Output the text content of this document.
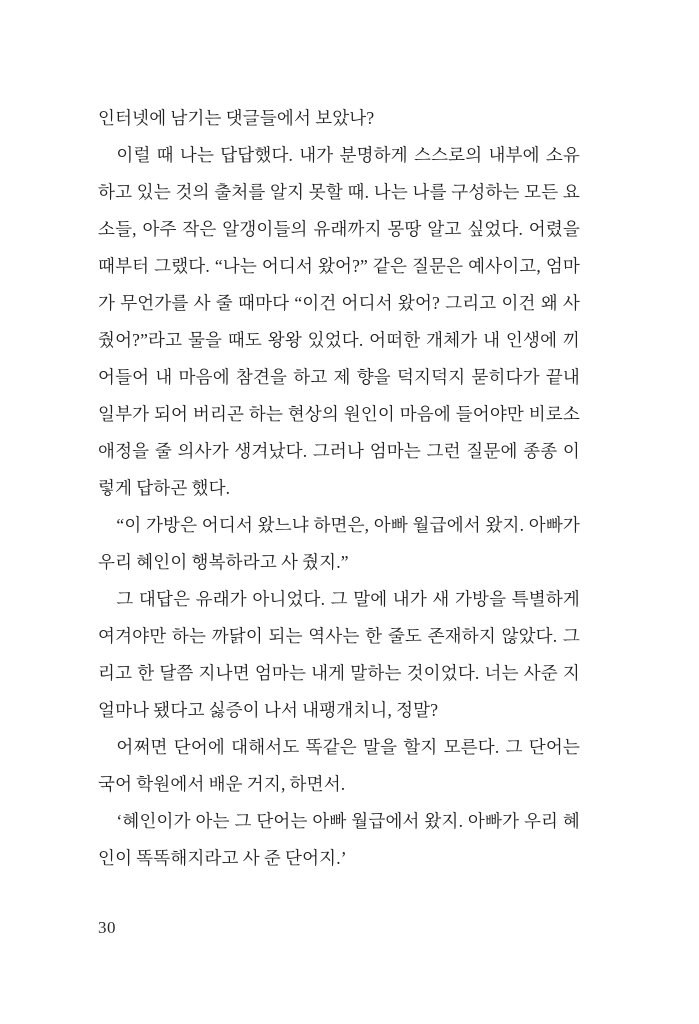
인터넷에 남기는 댓글들에서 보았나?

이럴 때 나는 답답했다. 내가 분명하게 스스로의 내부에 소유

하고 있는 것의 출처를 알지 못할 때. 나는 나를 구성하는 모든 요

소들, 아주 작은 알갱이들의 유래까지 몽땅 알고 싶었다. 어렸을

때부터 그랬다. “나는 어디서 왔어?” 같은 질문은 예사이고, 엄마

가 무언가를 사 줄 때마다 “이건 어디서 왔어? 그리고 이건 왜 사

줬어?”라고 물을 때도 왕왕 있었다. 어떠한 개체가 내 인생에 끼

어들어 내 마음에 참견을 하고 제 향을 덕지덕지 묻히다가 끝내

일부가 되어 버리곤 하는 현상의 원인이 마음에 들어야만 비로소

애정을 줄 의사가 생겨났다. 그러나 엄마는 그런 질문에 종종 이

렇게 답하곤 했다.

“이 가방은 어디서 왔느냐 하면은, 아빠 월급에서 왔지. 아빠가

우리 혜인이 행복하라고 사 줬지.”

그 대답은 유래가 아니었다. 그 말에 내가 새 가방을 특별하게

여겨야만 하는 까닭이 되는 역사는 한 줄도 존재하지 않았다. 그

리고 한 달쯤 지나면 엄마는 내게 말하는 것이었다. 너는 사준 지

얼마나 됐다고 싫증이 나서 내팽개치니, 정말?

어쩌면 단어에 대해서도 똑같은 말을 할지 모른다. 그 단어는

국어 학원에서 배운 거지, 하면서.

‘혜인이가 아는 그 단어는 아빠 월급에서 왔지. 아빠가 우리 혜

인이 똑똑해지라고 사 준 단어지.’

30
